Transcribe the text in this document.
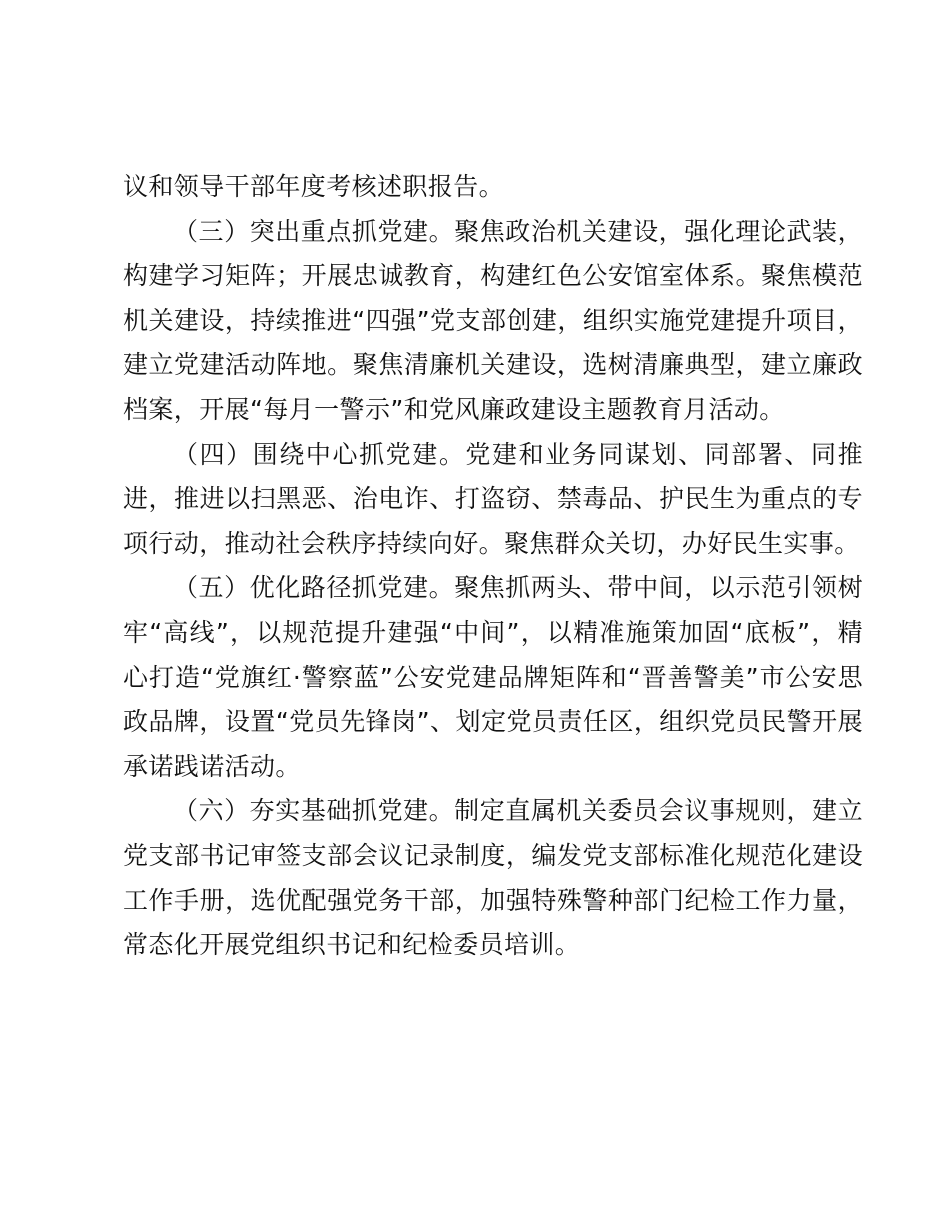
议和领导干部年度考核述职报告。

（三）突出重点抓党建。聚焦政治机关建设，强化理论武装，构建学习矩阵；开展忠诚教育，构建红色公安馆室体系。聚焦模范机关建设，持续推进“四强”党支部创建，组织实施党建提升项目，建立党建活动阵地。聚焦清廉机关建设，选树清廉典型，建立廉政档案，开展“每月一警示”和党风廉政建设主题教育月活动。

（四）围绕中心抓党建。党建和业务同谋划、同部署、同推进，推进以扫黑恶、治电诈、打盗窃、禁毒品、护民生为重点的专项行动，推动社会秩序持续向好。聚焦群众关切，办好民生实事。

（五）优化路径抓党建。聚焦抓两头、带中间，以示范引领树牢“高线”，以规范提升建强“中间”，以精准施策加固“底板”，精心打造“党旗红·警察蓝”公安党建品牌矩阵和“晋善警美”市公安思政品牌，设置“党员先锋岗”、划定党员责任区，组织党员民警开展承诺践诺活动。

（六）夯实基础抓党建。制定直属机关委员会议事规则，建立党支部书记审签支部会议记录制度，编发党支部标准化规范化建设工作手册，选优配强党务干部，加强特殊警种部门纪检工作力量，常态化开展党组织书记和纪检委员培训。
